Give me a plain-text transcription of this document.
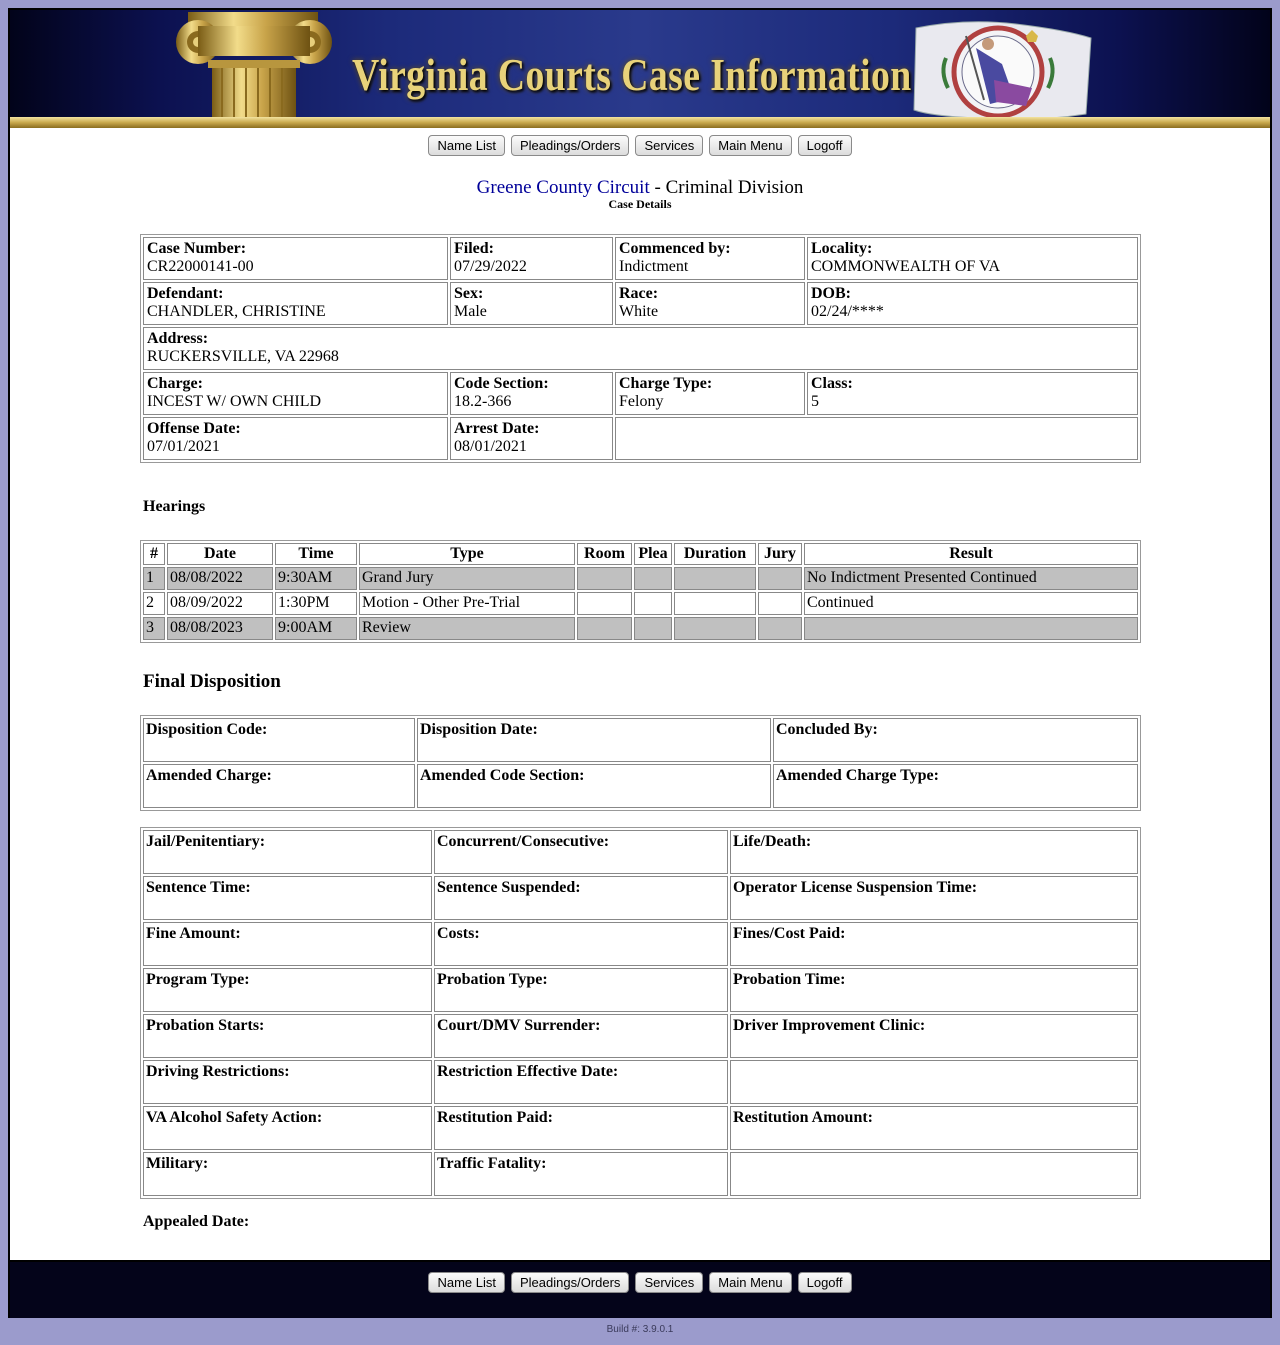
Virginia Courts Case Information
Name List Pleadings/Orders Services Main Menu Logoff
Greene County Circuit - Criminal Division
Case Details
Case Number:
CR22000141-00	Filed:
07/29/2022	Commenced by:
Indictment	Locality:
COMMONWEALTH OF VA

Defendant:
CHANDLER, CHRISTINE	Sex:
Male	Race:
White	DOB:
02/24/****

Address:
RUCKERSVILLE, VA 22968			

Charge:
INCEST W/ OWN CHILD	Code Section:
18.2-366	Charge Type:
Felony	Class:
5

Offense Date:
07/01/2021	Arrest Date:
08/01/2021		

Hearings
#	Date	Time	Type	Room	Plea	Duration	Jury	Result
1	08/08/2022	9:30AM	Grand Jury					No Indictment Presented Continued
2	08/09/2022	1:30PM	Motion - Other Pre-Trial					Continued
3	08/08/2023	9:00AM	Review					
Final Disposition
Disposition Code:	Disposition Date:	Concluded By:

Amended Charge:	Amended Code Section:	Amended Charge Type:
Jail/Penitentiary:	Concurrent/Consecutive:	Life/Death:

Sentence Time:	Sentence Suspended:	Operator License Suspension Time:

Fine Amount:	Costs:	Fines/Cost Paid:

Program Type:	Probation Type:	Probation Time:

Probation Starts:	Court/DMV Surrender:	Driver Improvement Clinic:

Driving Restrictions:	Restriction Effective Date:	

VA Alcohol Safety Action:	Restitution Paid:	Restitution Amount:

Military:	Traffic Fatality:	

Appealed Date:
Name List Pleadings/Orders Services Main Menu Logoff
Build #: 3.9.0.1
